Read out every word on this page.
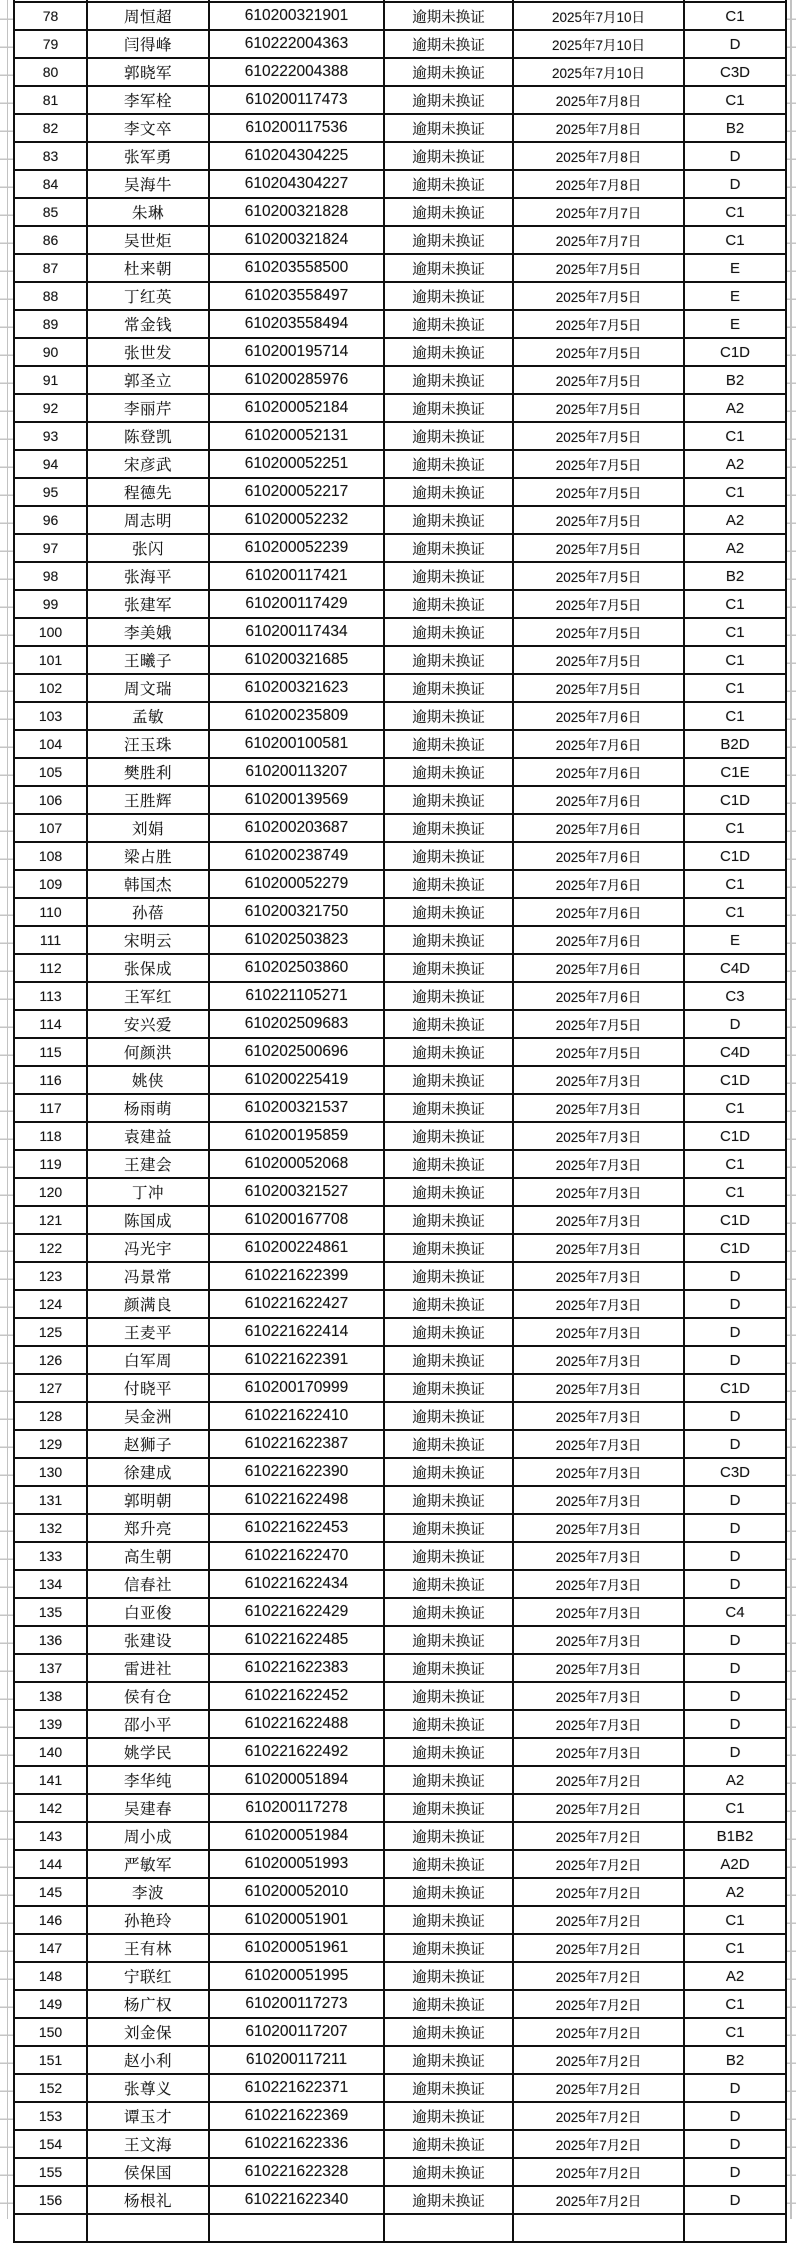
78	周恒超	610200321901	逾期未换证	2025年7月10日	C1
79	闫得峰	610222004363	逾期未换证	2025年7月10日	D
80	郭晓军	610222004388	逾期未换证	2025年7月10日	C3D
81	李军栓	610200117473	逾期未换证	2025年7月8日	C1
82	李文卒	610200117536	逾期未换证	2025年7月8日	B2
83	张军勇	610204304225	逾期未换证	2025年7月8日	D
84	吴海牛	610204304227	逾期未换证	2025年7月8日	D
85	朱琳	610200321828	逾期未换证	2025年7月7日	C1
86	吴世炬	610200321824	逾期未换证	2025年7月7日	C1
87	杜来朝	610203558500	逾期未换证	2025年7月5日	E
88	丁红英	610203558497	逾期未换证	2025年7月5日	E
89	常金钱	610203558494	逾期未换证	2025年7月5日	E
90	张世发	610200195714	逾期未换证	2025年7月5日	C1D
91	郭圣立	610200285976	逾期未换证	2025年7月5日	B2
92	李丽芹	610200052184	逾期未换证	2025年7月5日	A2
93	陈登凯	610200052131	逾期未换证	2025年7月5日	C1
94	宋彦武	610200052251	逾期未换证	2025年7月5日	A2
95	程德先	610200052217	逾期未换证	2025年7月5日	C1
96	周志明	610200052232	逾期未换证	2025年7月5日	A2
97	张闪	610200052239	逾期未换证	2025年7月5日	A2
98	张海平	610200117421	逾期未换证	2025年7月5日	B2
99	张建军	610200117429	逾期未换证	2025年7月5日	C1
100	李美娥	610200117434	逾期未换证	2025年7月5日	C1
101	王曦子	610200321685	逾期未换证	2025年7月5日	C1
102	周文瑞	610200321623	逾期未换证	2025年7月5日	C1
103	孟敏	610200235809	逾期未换证	2025年7月6日	C1
104	汪玉珠	610200100581	逾期未换证	2025年7月6日	B2D
105	樊胜利	610200113207	逾期未换证	2025年7月6日	C1E
106	王胜辉	610200139569	逾期未换证	2025年7月6日	C1D
107	刘娟	610200203687	逾期未换证	2025年7月6日	C1
108	梁占胜	610200238749	逾期未换证	2025年7月6日	C1D
109	韩国杰	610200052279	逾期未换证	2025年7月6日	C1
110	孙蓓	610200321750	逾期未换证	2025年7月6日	C1
111	宋明云	610202503823	逾期未换证	2025年7月6日	E
112	张保成	610202503860	逾期未换证	2025年7月6日	C4D
113	王军红	610221105271	逾期未换证	2025年7月6日	C3
114	安兴爱	610202509683	逾期未换证	2025年7月5日	D
115	何颜洪	610202500696	逾期未换证	2025年7月5日	C4D
116	姚侠	610200225419	逾期未换证	2025年7月3日	C1D
117	杨雨萌	610200321537	逾期未换证	2025年7月3日	C1
118	袁建益	610200195859	逾期未换证	2025年7月3日	C1D
119	王建会	610200052068	逾期未换证	2025年7月3日	C1
120	丁冲	610200321527	逾期未换证	2025年7月3日	C1
121	陈国成	610200167708	逾期未换证	2025年7月3日	C1D
122	冯光宇	610200224861	逾期未换证	2025年7月3日	C1D
123	冯景常	610221622399	逾期未换证	2025年7月3日	D
124	颜满良	610221622427	逾期未换证	2025年7月3日	D
125	王麦平	610221622414	逾期未换证	2025年7月3日	D
126	白军周	610221622391	逾期未换证	2025年7月3日	D
127	付晓平	610200170999	逾期未换证	2025年7月3日	C1D
128	吴金洲	610221622410	逾期未换证	2025年7月3日	D
129	赵狮子	610221622387	逾期未换证	2025年7月3日	D
130	徐建成	610221622390	逾期未换证	2025年7月3日	C3D
131	郭明朝	610221622498	逾期未换证	2025年7月3日	D
132	郑升亮	610221622453	逾期未换证	2025年7月3日	D
133	高生朝	610221622470	逾期未换证	2025年7月3日	D
134	信春社	610221622434	逾期未换证	2025年7月3日	D
135	白亚俊	610221622429	逾期未换证	2025年7月3日	C4
136	张建设	610221622485	逾期未换证	2025年7月3日	D
137	雷进社	610221622383	逾期未换证	2025年7月3日	D
138	侯有仓	610221622452	逾期未换证	2025年7月3日	D
139	邵小平	610221622488	逾期未换证	2025年7月3日	D
140	姚学民	610221622492	逾期未换证	2025年7月3日	D
141	李华纯	610200051894	逾期未换证	2025年7月2日	A2
142	吴建春	610200117278	逾期未换证	2025年7月2日	C1
143	周小成	610200051984	逾期未换证	2025年7月2日	B1B2
144	严敏军	610200051993	逾期未换证	2025年7月2日	A2D
145	李波	610200052010	逾期未换证	2025年7月2日	A2
146	孙艳玲	610200051901	逾期未换证	2025年7月2日	C1
147	王有林	610200051961	逾期未换证	2025年7月2日	C1
148	宁联红	610200051995	逾期未换证	2025年7月2日	A2
149	杨广权	610200117273	逾期未换证	2025年7月2日	C1
150	刘金保	610200117207	逾期未换证	2025年7月2日	C1
151	赵小利	610200117211	逾期未换证	2025年7月2日	B2
152	张尊义	610221622371	逾期未换证	2025年7月2日	D
153	谭玉才	610221622369	逾期未换证	2025年7月2日	D
154	王文海	610221622336	逾期未换证	2025年7月2日	D
155	侯保国	610221622328	逾期未换证	2025年7月2日	D
156	杨根礼	610221622340	逾期未换证	2025年7月2日	D
